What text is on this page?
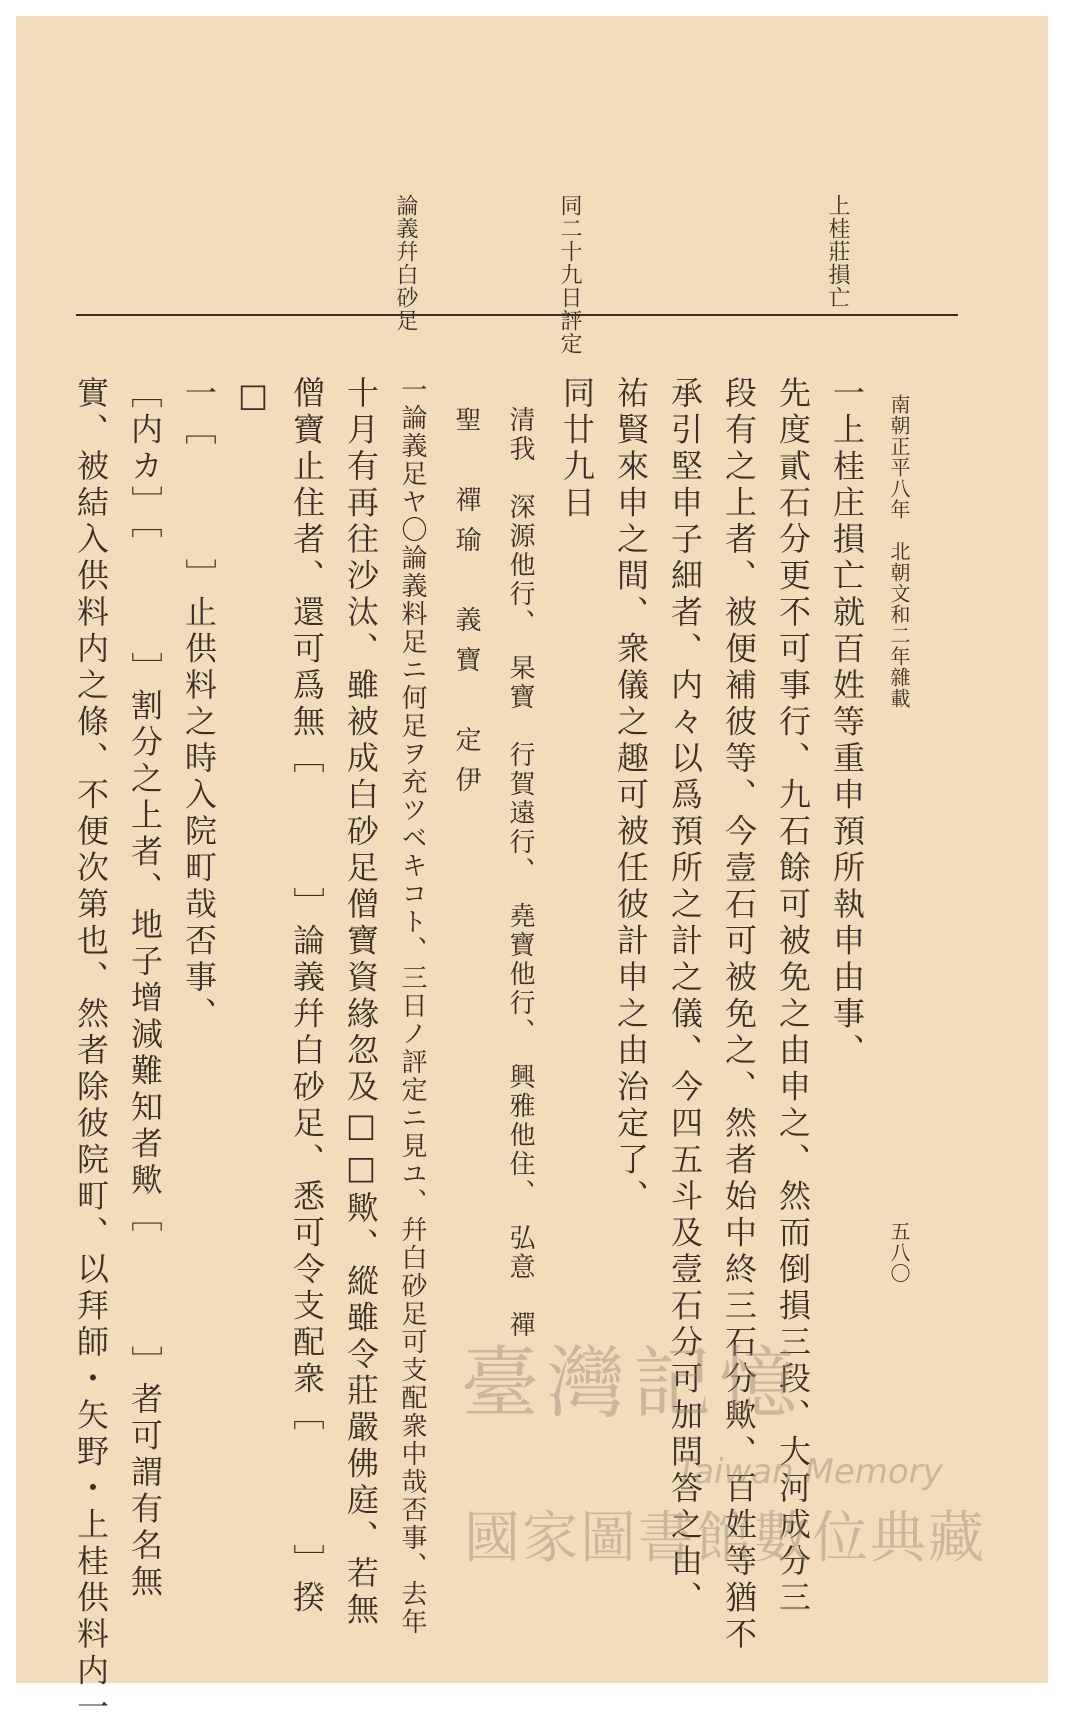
南朝正平八年　北朝文和二年雜載
五八〇
上桂莊損亡
同二十九日評定
論義幷白砂足
一上桂庄損亡就百姓等重申預所執申由事、
先度貳石分更不可事行、九石餘可被免之由申之、然而倒損三段、大河成分三
段有之上者、被便補彼等、今壹石可被免之、然者始中終三石分歟、百姓等猶不
承引堅申子細者、内々以爲預所之計之儀、今四五斗及壹石分可加問答之由、
祐賢來申之間、衆儀之趣可被任彼計申之由治定了、
同廿九日
清我　深源他行、　杲寶　行賀遠行、　堯寶他行、　興雅他住、　弘意　禪
聖　禪瑜　義寶　定伊
一論義足ヤ〇論義料足ニ何足ヲ充ツベキコト、三日ノ評定ニ見ユ、幷白砂足可支配衆中哉否事、去年
十月有再往沙汰、雖被成白砂足僧寶資緣忽及□□歟、縱雖令莊嚴佛庭、若無
僧寶止住者、還可爲無［　　　］論義幷白砂足、悉可令支配衆［　　　］揆
□
一［　　　］止供料之時入院町哉否事、
［内カ］［　　　］割分之上者、地子增減難知者歟［　　　］者可謂有名無
實、被結入供料内之條、不便次第也、然者除彼院町、以拜師・矢野・上桂供料内一	臺灣記憶
Taiwan Memory
國家圖書館數位典藏
